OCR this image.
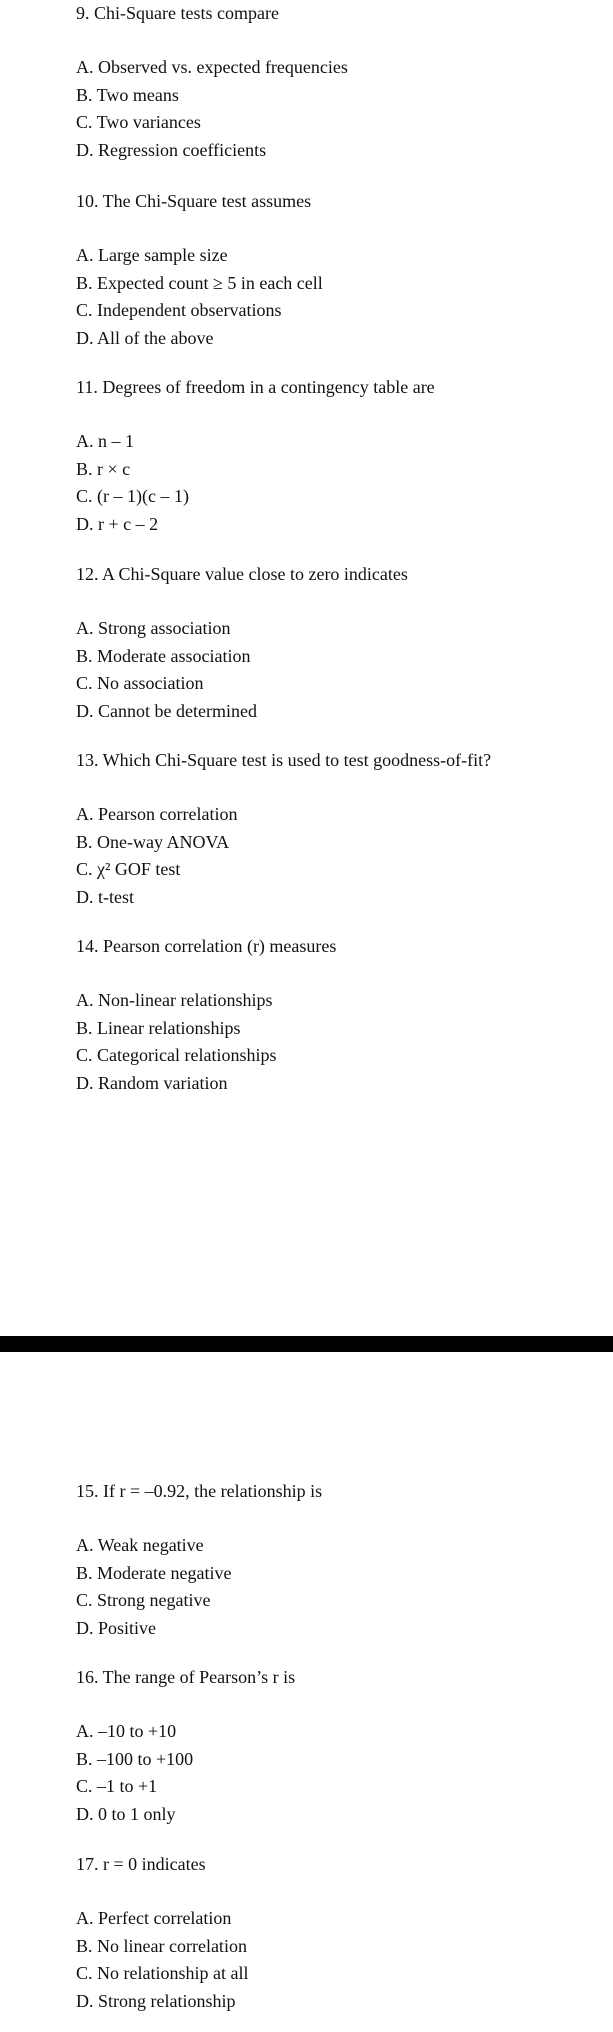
9. Chi-Square tests compare
A. Observed vs. expected frequencies
B. Two means
C. Two variances
D. Regression coefficients
10. The Chi-Square test assumes
A. Large sample size
B. Expected count ≥ 5 in each cell
C. Independent observations
D. All of the above
11. Degrees of freedom in a contingency table are
A. n – 1
B. r × c
C. (r – 1)(c – 1)
D. r + c – 2
12. A Chi-Square value close to zero indicates
A. Strong association
B. Moderate association
C. No association
D. Cannot be determined
13. Which Chi-Square test is used to test goodness-of-fit?
A. Pearson correlation
B. One-way ANOVA
C. χ² GOF test
D. t-test
14. Pearson correlation (r) measures
A. Non-linear relationships
B. Linear relationships
C. Categorical relationships
D. Random variation
15. If r = –0.92, the relationship is
A. Weak negative
B. Moderate negative
C. Strong negative
D. Positive
16. The range of Pearson’s r is
A. –10 to +10
B. –100 to +100
C. –1 to +1
D. 0 to 1 only
17. r = 0 indicates
A. Perfect correlation
B. No linear correlation
C. No relationship at all
D. Strong relationship
